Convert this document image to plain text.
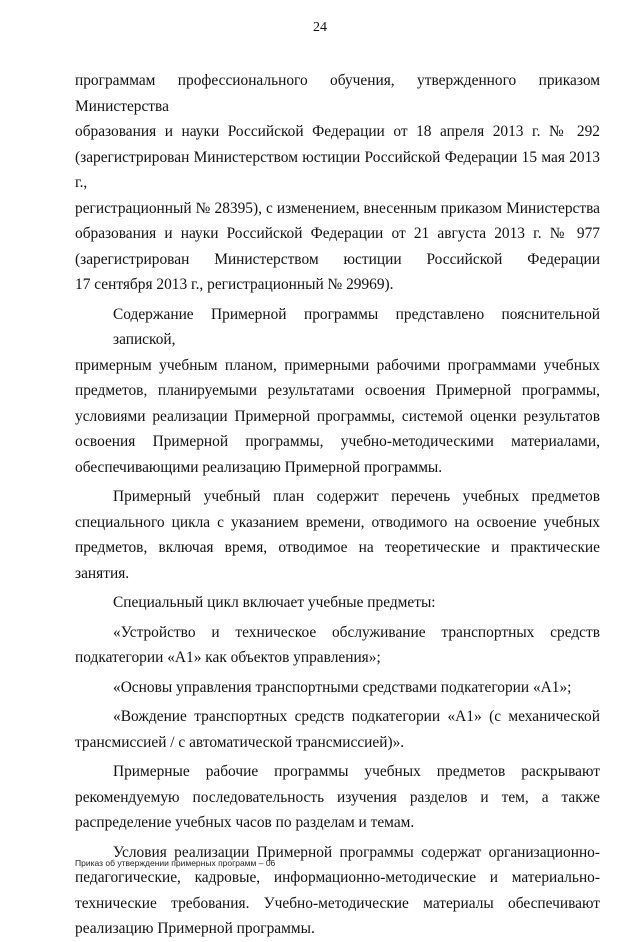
24

программам профессионального обучения, утвержденного приказом Министерства
образования и науки Российской Федерации от 18 апреля 2013 г. № 292
(зарегистрирован Министерством юстиции Российской Федерации 15 мая 2013 г.,
регистрационный № 28395), с изменением, внесенным приказом Министерства
образования и науки Российской Федерации от 21 августа 2013 г. № 977
(зарегистрирован Министерством юстиции Российской Федерации
17 сентября 2013 г., регистрационный № 29969).

Содержание Примерной программы представлено пояснительной запиской,
примерным учебным планом, примерными рабочими программами учебных
предметов, планируемыми результатами освоения Примерной программы,
условиями реализации Примерной программы, системой оценки результатов
освоения Примерной программы, учебно-методическими материалами,
обеспечивающими реализацию Примерной программы.

Примерный учебный план содержит перечень учебных предметов
специального цикла с указанием времени, отводимого на освоение учебных
предметов, включая время, отводимое на теоретические и практические занятия.

Специальный цикл включает учебные предметы:

«Устройство и техническое обслуживание транспортных средств
подкатегории «A1» как объектов управления»;

«Основы управления транспортными средствами подкатегории «A1»;

«Вождение транспортных средств подкатегории «A1» (с механической
трансмиссией / с автоматической трансмиссией)».

Примерные рабочие программы учебных предметов раскрывают
рекомендуемую последовательность изучения разделов и тем, а также
распределение учебных часов по разделам и темам.

Условия реализации Примерной программы содержат организационно-
педагогические, кадровые, информационно-методические и материально-
технические требования. Учебно-методические материалы обеспечивают
реализацию Примерной программы.

Приказ об утверждении примерных программ – 06
